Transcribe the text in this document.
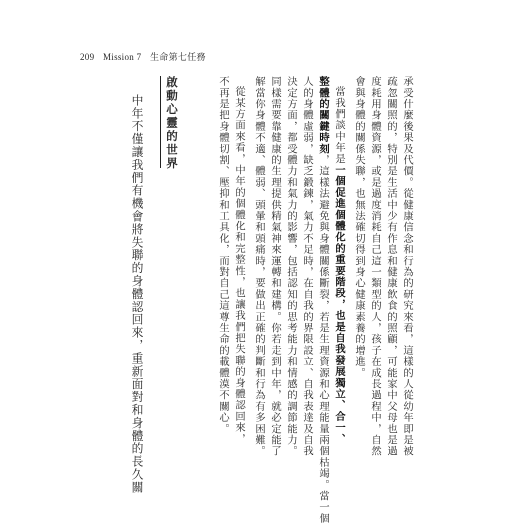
209 Mission 7 生命第七任務
承受什麼後果及代價。從健康信念和行為的研究來看，這樣的人從幼年即是被
疏忽關照的，特別是生活中少有作息和健康飲食的照顧，可能家中父母也是過
度耗用身體資源，或是過度消耗自己這一類型的人，孩子在成長過程中，自然
會與身體的關係失聯，也無法確切得到身心健康素養的增進。
當我們談中年是一個促進個體化的重要階段，也是自我發展獨立、合一、
整體的關鍵時刻，這樣法避免與身體關係斷裂，若是生理資源和心理能量兩個枯竭。當一個
人的身體虛弱，缺乏鍛鍊，氣力不足時，在自我的界限設立、自我表達及自我
決定方面，都受體力和氣力的影響，包括認知的思考能力和情感的調節能力。
同樣需要靠健康的生理提供精氣神來運轉和建構。你若走到中年，就必定能了
解當你身體不適、體弱、頭暈和頭痛時，要做出正確的判斷和行為有多困難。
從某方面來看，中年的個體化和完整性，也讓我們把失聯的身體認回來，
不再是把身體切割、壓抑和工具化，而對自己這尊生命的載體漠不關心。
啟動心靈的世界
中年不僅讓我們有機會將失聯的身體認回來，重新面對和身體的長久關
